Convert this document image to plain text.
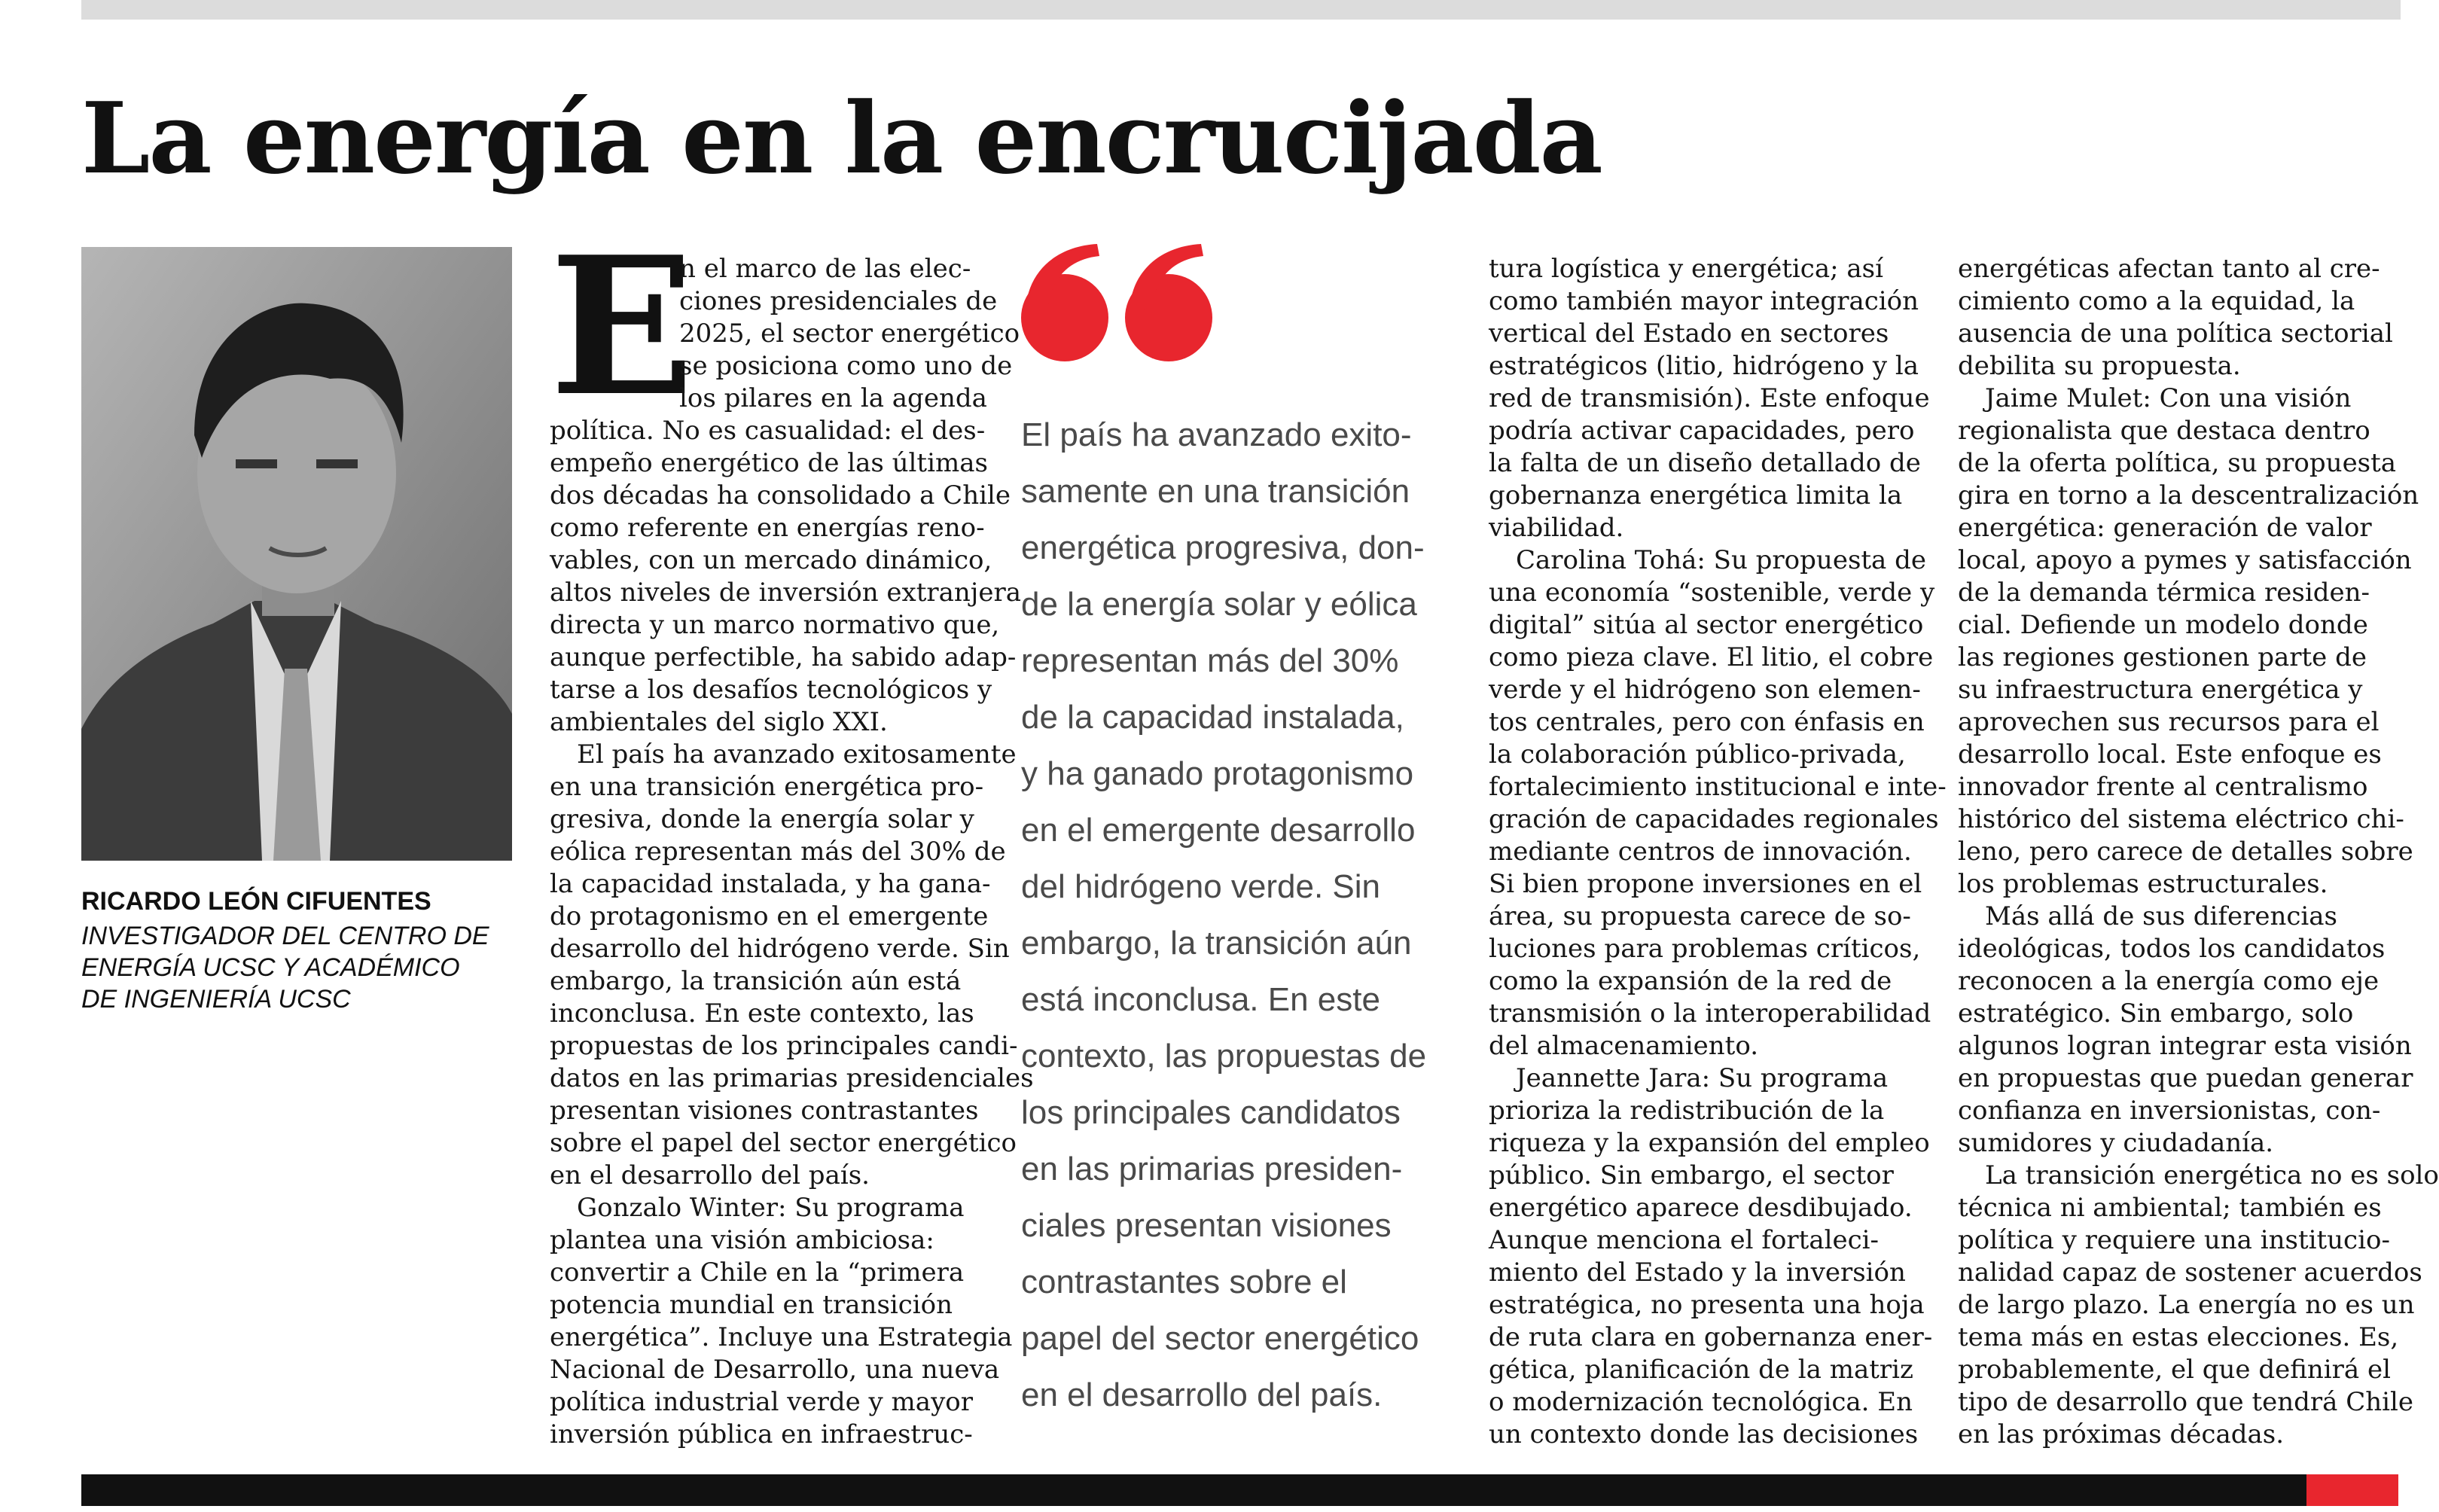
La energía en la encrucijada
RICARDO LEÓN CIFUENTES
INVESTIGADOR DEL CENTRO DE
ENERGÍA UCSC Y ACADÉMICO
DE INGENIERÍA UCSC
E
n el marco de las elec-
ciones presidenciales de
2025, el sector energético
se posiciona como uno de
los pilares en la agenda
política. No es casualidad: el des-
empeño energético de las últimas
dos décadas ha consolidado a Chile
como referente en energías reno-
vables, con un mercado dinámico,
altos niveles de inversión extranjera
directa y un marco normativo que,
aunque perfectible, ha sabido adap-
tarse a los desafíos tecnológicos y
ambientales del siglo XXI.
El país ha avanzado exitosamente
en una transición energética pro-
gresiva, donde la energía solar y
eólica representan más del 30% de
la capacidad instalada, y ha gana-
do protagonismo en el emergente
desarrollo del hidrógeno verde. Sin
embargo, la transición aún está
inconclusa. En este contexto, las
propuestas de los principales candi-
datos en las primarias presidenciales
presentan visiones contrastantes
sobre el papel del sector energético
en el desarrollo del país.
Gonzalo Winter: Su programa
plantea una visión ambiciosa:
convertir a Chile en la “primera
potencia mundial en transición
energética”. Incluye una Estrategia
Nacional de Desarrollo, una nueva
política industrial verde y mayor
inversión pública en infraestruc-
El país ha avanzado exito-
samente en una transición
energética progresiva, don-
de la energía solar y eólica
representan más del 30%
de la capacidad instalada,
y ha ganado protagonismo
en el emergente desarrollo
del hidrógeno verde. Sin
embargo, la transición aún
está inconclusa. En este
contexto, las propuestas de
los principales candidatos
en las primarias presiden-
ciales presentan visiones
contrastantes sobre el
papel del sector energético
en el desarrollo del país.
tura logística y energética; así
como también mayor integración
vertical del Estado en sectores
estratégicos (litio, hidrógeno y la
red de transmisión). Este enfoque
podría activar capacidades, pero
la falta de un diseño detallado de
gobernanza energética limita la
viabilidad.
Carolina Tohá: Su propuesta de
una economía “sostenible, verde y
digital” sitúa al sector energético
como pieza clave. El litio, el cobre
verde y el hidrógeno son elemen-
tos centrales, pero con énfasis en
la colaboración público-privada,
fortalecimiento institucional e inte-
gración de capacidades regionales
mediante centros de innovación.
Si bien propone inversiones en el
área, su propuesta carece de so-
luciones para problemas críticos,
como la expansión de la red de
transmisión o la interoperabilidad
del almacenamiento.
Jeannette Jara: Su programa
prioriza la redistribución de la
riqueza y la expansión del empleo
público. Sin embargo, el sector
energético aparece desdibujado.
Aunque menciona el fortaleci-
miento del Estado y la inversión
estratégica, no presenta una hoja
de ruta clara en gobernanza ener-
gética, planificación de la matriz
o modernización tecnológica. En
un contexto donde las decisiones
energéticas afectan tanto al cre-
cimiento como a la equidad, la
ausencia de una política sectorial
debilita su propuesta.
Jaime Mulet: Con una visión
regionalista que destaca dentro
de la oferta política, su propuesta
gira en torno a la descentralización
energética: generación de valor
local, apoyo a pymes y satisfacción
de la demanda térmica residen-
cial. Defiende un modelo donde
las regiones gestionen parte de
su infraestructura energética y
aprovechen sus recursos para el
desarrollo local. Este enfoque es
innovador frente al centralismo
histórico del sistema eléctrico chi-
leno, pero carece de detalles sobre
los problemas estructurales.
Más allá de sus diferencias
ideológicas, todos los candidatos
reconocen a la energía como eje
estratégico. Sin embargo, solo
algunos logran integrar esta visión
en propuestas que puedan generar
confianza en inversionistas, con-
sumidores y ciudadanía.
La transición energética no es solo
técnica ni ambiental; también es
política y requiere una institucio-
nalidad capaz de sostener acuerdos
de largo plazo. La energía no es un
tema más en estas elecciones. Es,
probablemente, el que definirá el
tipo de desarrollo que tendrá Chile
en las próximas décadas.
